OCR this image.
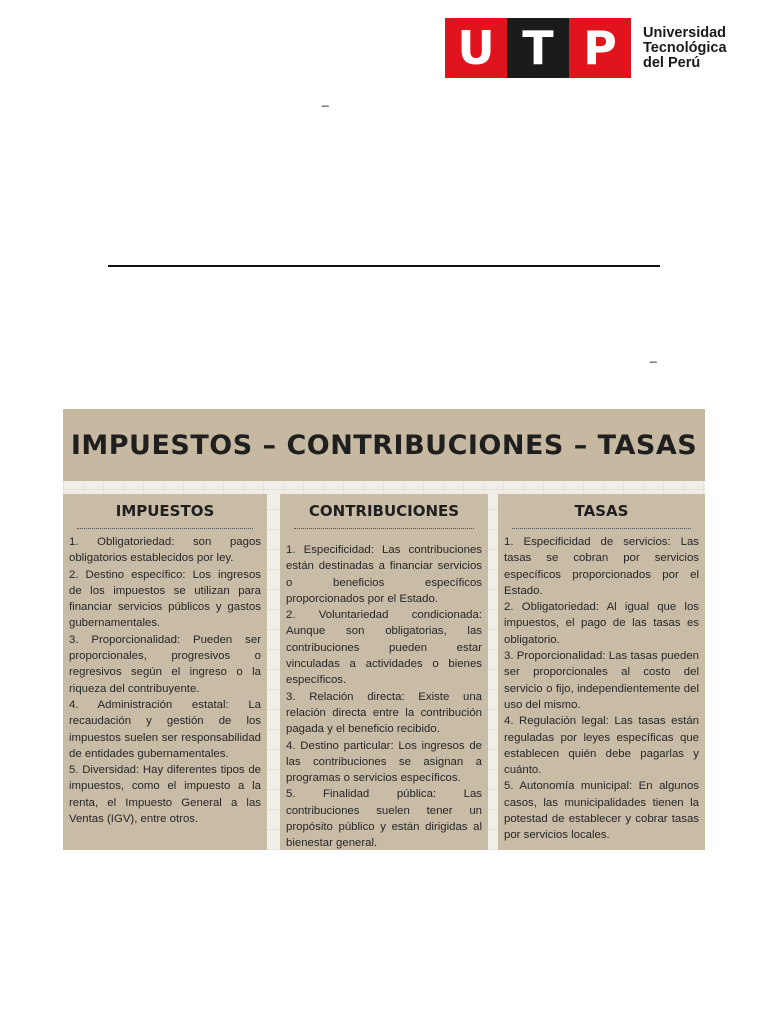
U T P	Universidad
Tecnológica
del Perú
_
_
IMPUESTOS – CONTRIBUCIONES – TASAS
IMPUESTOS

1. Obligatoriedad: son pagos obligatorios establecidos por ley.

2. Destino específico: Los ingresos de los impuestos se utilizan para financiar servicios públicos y gastos gubernamentales.

3. Proporcionalidad: Pueden ser proporcionales, progresivos o regresivos según el ingreso o la riqueza del contribuyente.

4. Administración estatal: La recaudación y gestión de los impuestos suelen ser responsabilidad de entidades gubernamentales.

5. Diversidad: Hay diferentes tipos de impuestos, como el impuesto a la renta, el Impuesto General a las Ventas (IGV), entre otros.

CONTRIBUCIONES

1. Especificidad: Las contribuciones están destinadas a financiar servicios o beneficios específicos proporcionados por el Estado.

2. Voluntariedad condicionada: Aunque son obligatorias, las contribuciones pueden estar vinculadas a actividades o bienes específicos.

3. Relación directa: Existe una relación directa entre la contribución pagada y el beneficio recibido.

4. Destino particular: Los ingresos de las contribuciones se asignan a programas o servicios específicos.

5. Finalidad pública: Las contribuciones suelen tener un propósito público y están dirigidas al bienestar general.

TASAS

1. Especificidad de servicios: Las tasas se cobran por servicios específicos proporcionados por el Estado.

2. Obligatoriedad: Al igual que los impuestos, el pago de las tasas es obligatorio.

3. Proporcionalidad: Las tasas pueden ser proporcionales al costo del servicio o fijo, independientemente del uso del mismo.

4. Regulación legal: Las tasas están reguladas por leyes específicas que establecen quién debe pagarlas y cuánto.

5. Autonomía municipal: En algunos casos, las municipalidades tienen la potestad de establecer y cobrar tasas por servicios locales.
